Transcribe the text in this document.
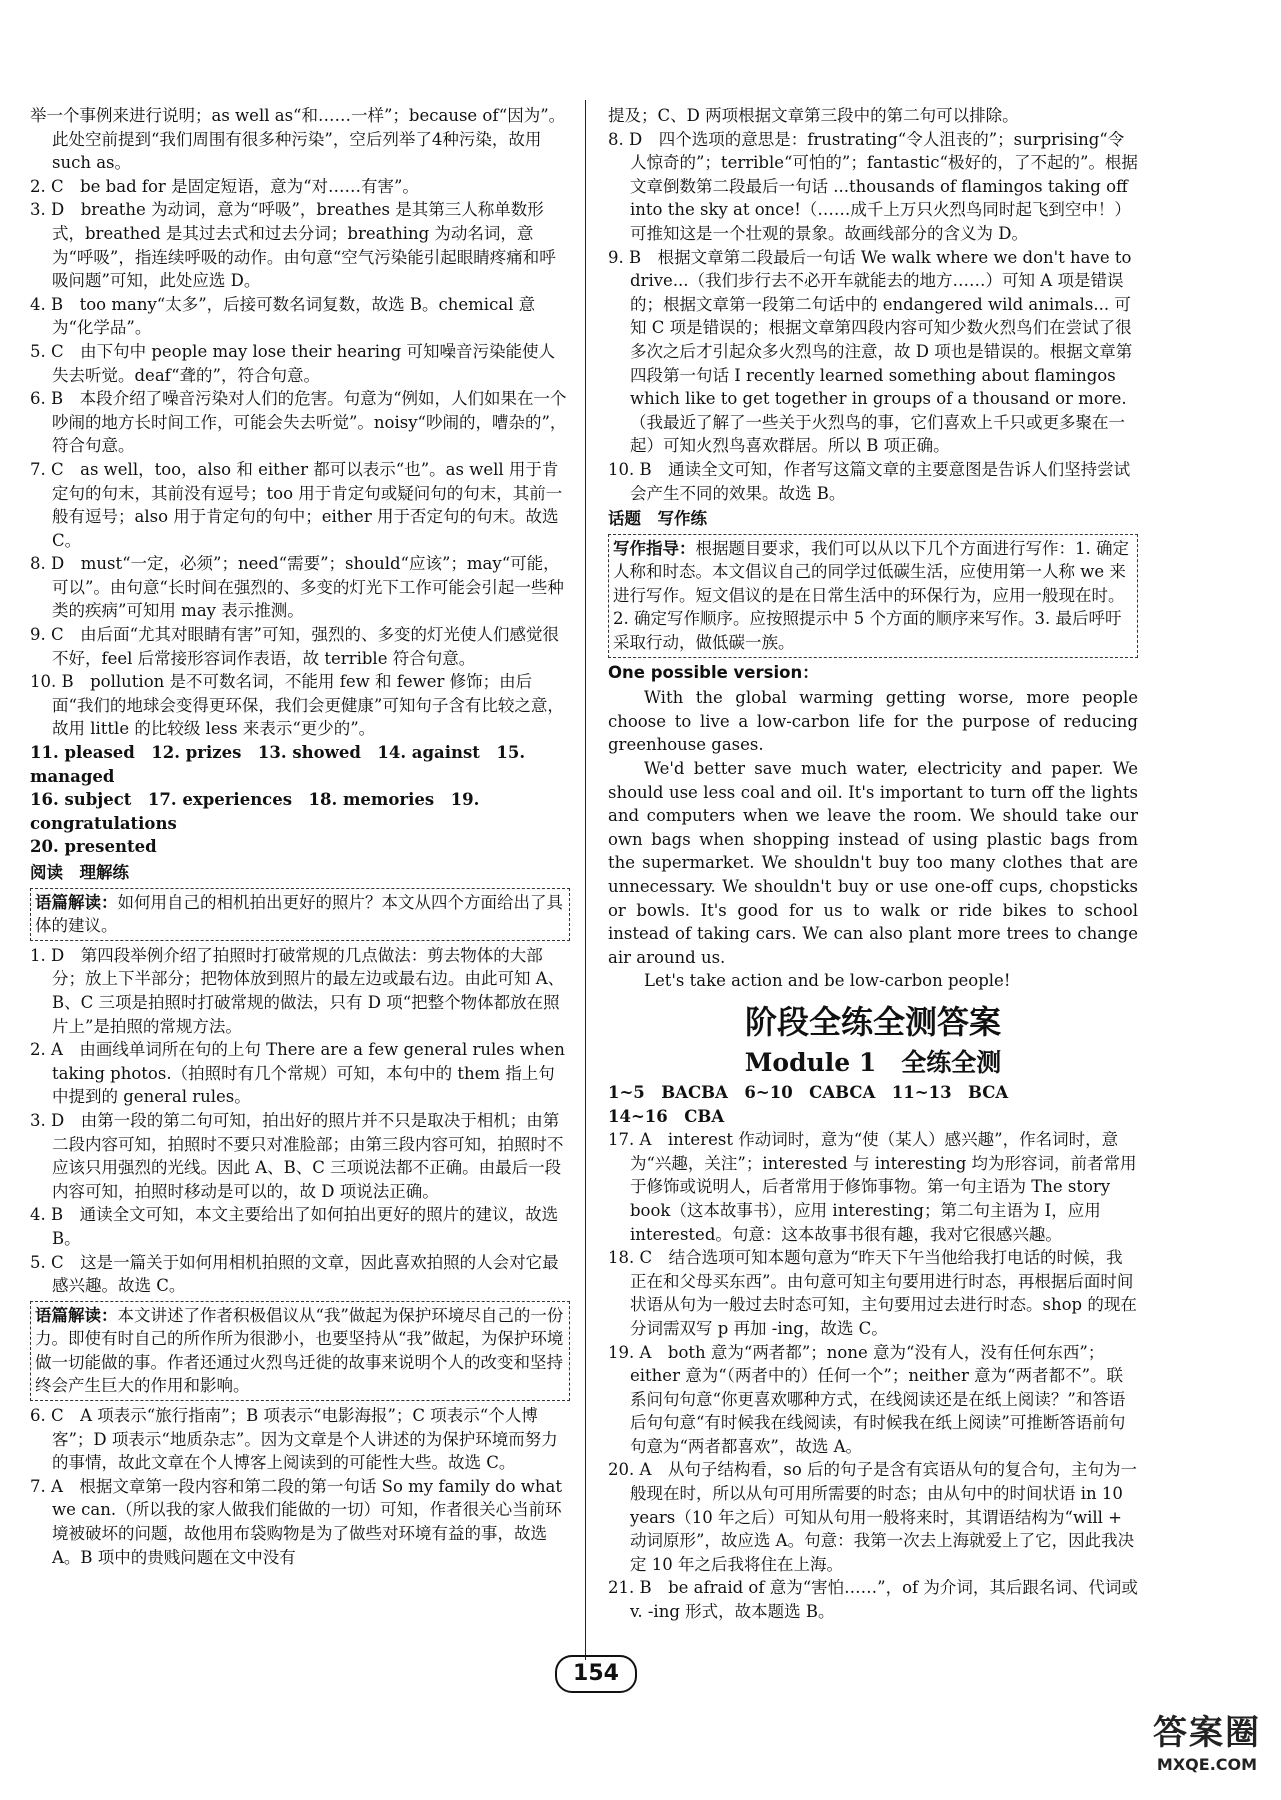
举一个事例来进行说明；as well as“和……一样”；because of“因为”。此处空前提到“我们周围有很多种污染”，空后列举了4种污染，故用 such as。

2. C　be bad for 是固定短语，意为“对……有害”。

3. D　breathe 为动词，意为“呼吸”，breathes 是其第三人称单数形式，breathed 是其过去式和过去分词；breathing 为动名词，意为“呼吸”，指连续呼吸的动作。由句意“空气污染能引起眼睛疼痛和呼吸问题”可知，此处应选 D。

4. B　too many“太多”，后接可数名词复数，故选 B。chemical 意为“化学品”。

5. C　由下句中 people may lose their hearing 可知噪音污染能使人失去听觉。deaf“聋的”，符合句意。

6. B　本段介绍了噪音污染对人们的危害。句意为“例如，人们如果在一个吵闹的地方长时间工作，可能会失去听觉”。noisy“吵闹的，嘈杂的”，符合句意。

7. C　as well，too，also 和 either 都可以表示“也”。as well 用于肯定句的句末，其前没有逗号；too 用于肯定句或疑问句的句末，其前一般有逗号；also 用于肯定句的句中；either 用于否定句的句末。故选 C。

8. D　must“一定，必须”；need“需要”；should“应该”；may“可能，可以”。由句意“长时间在强烈的、多变的灯光下工作可能会引起一些种类的疾病”可知用 may 表示推测。

9. C　由后面“尤其对眼睛有害”可知，强烈的、多变的灯光使人们感觉很不好，feel 后常接形容词作表语，故 terrible 符合句意。

10. B　pollution 是不可数名词，不能用 few 和 fewer 修饰；由后面“我们的地球会变得更环保，我们会更健康”可知句子含有比较之意，故用 little 的比较级 less 来表示“更少的”。

11. pleased　12. prizes　13. showed　14. against　15. managed

16. subject　17. experiences　18. memories　19. congratulations

20. presented

阅读　理解练

语篇解读：如何用自己的相机拍出更好的照片？本文从四个方面给出了具体的建议。

1. D　第四段举例介绍了拍照时打破常规的几点做法：剪去物体的大部分；放上下半部分；把物体放到照片的最左边或最右边。由此可知 A、B、C 三项是拍照时打破常规的做法，只有 D 项“把整个物体都放在照片上”是拍照的常规方法。

2. A　由画线单词所在句的上句 There are a few general rules when taking photos.（拍照时有几个常规）可知，本句中的 them 指上句中提到的 general rules。

3. D　由第一段的第二句可知，拍出好的照片并不只是取决于相机；由第二段内容可知，拍照时不要只对准脸部；由第三段内容可知，拍照时不应该只用强烈的光线。因此 A、B、C 三项说法都不正确。由最后一段内容可知，拍照时移动是可以的，故 D 项说法正确。

4. B　通读全文可知，本文主要给出了如何拍出更好的照片的建议，故选 B。

5. C　这是一篇关于如何用相机拍照的文章，因此喜欢拍照的人会对它最感兴趣。故选 C。

语篇解读：本文讲述了作者积极倡议从“我”做起为保护环境尽自己的一份力。即使有时自己的所作所为很渺小，也要坚持从“我”做起，为保护环境做一切能做的事。作者还通过火烈鸟迁徙的故事来说明个人的改变和坚持终会产生巨大的作用和影响。

6. C　A 项表示“旅行指南”；B 项表示“电影海报”；C 项表示“个人博客”；D 项表示“地质杂志”。因为文章是个人讲述的为保护环境而努力的事情，故此文章在个人博客上阅读到的可能性大些。故选 C。

7. A　根据文章第一段内容和第二段的第一句话 So my family do what we can.（所以我的家人做我们能做的一切）可知，作者很关心当前环境被破坏的问题，故他用布袋购物是为了做些对环境有益的事，故选 A。B 项中的贵贱问题在文中没有

提及；C、D 两项根据文章第三段中的第二句可以排除。

8. D　四个选项的意思是：frustrating“令人沮丧的”；surprising“令人惊奇的”；terrible“可怕的”；fantastic“极好的，了不起的”。根据文章倒数第二段最后一句话 ...thousands of flamingos taking off into the sky at once!（……成千上万只火烈鸟同时起飞到空中！）可推知这是一个壮观的景象。故画线部分的含义为 D。

9. B　根据文章第二段最后一句话 We walk where we don't have to drive...（我们步行去不必开车就能去的地方……）可知 A 项是错误的；根据文章第一段第二句话中的 endangered wild animals... 可知 C 项是错误的；根据文章第四段内容可知少数火烈鸟们在尝试了很多次之后才引起众多火烈鸟的注意，故 D 项也是错误的。根据文章第四段第一句话 I recently learned something about flamingos which like to get together in groups of a thousand or more.（我最近了解了一些关于火烈鸟的事，它们喜欢上千只或更多聚在一起）可知火烈鸟喜欢群居。所以 B 项正确。

10. B　通读全文可知，作者写这篇文章的主要意图是告诉人们坚持尝试会产生不同的效果。故选 B。

话题　写作练

写作指导：根据题目要求，我们可以从以下几个方面进行写作：1. 确定人称和时态。本文倡议自己的同学过低碳生活，应使用第一人称 we 来进行写作。短文倡议的是在日常生活中的环保行为，应用一般现在时。2. 确定写作顺序。应按照提示中 5 个方面的顺序来写作。3. 最后呼吁采取行动，做低碳一族。

One possible version：

With the global warming getting worse, more people choose to live a low-carbon life for the purpose of reducing greenhouse gases.

We'd better save much water, electricity and paper. We should use less coal and oil. It's important to turn off the lights and computers when we leave the room. We should take our own bags when shopping instead of using plastic bags from the supermarket. We shouldn't buy too many clothes that are unnecessary. We shouldn't buy or use one-off cups, chopsticks or bowls. It's good for us to walk or ride bikes to school instead of taking cars. We can also plant more trees to change air around us.

Let's take action and be low-carbon people!

阶段全练全测答案

Module 1　全练全测

1~5　BACBA　6~10　CABCA　11~13　BCA

14~16　CBA

17. A　interest 作动词时，意为“使（某人）感兴趣”，作名词时，意为“兴趣，关注”；interested 与 interesting 均为形容词，前者常用于修饰或说明人，后者常用于修饰事物。第一句主语为 The story book（这本故事书），应用 interesting；第二句主语为 I，应用 interested。句意：这本故事书很有趣，我对它很感兴趣。

18. C　结合选项可知本题句意为“昨天下午当他给我打电话的时候，我正在和父母买东西”。由句意可知主句要用进行时态，再根据后面时间状语从句为一般过去时态可知，主句要用过去进行时态。shop 的现在分词需双写 p 再加 -ing，故选 C。

19. A　both 意为“两者都”；none 意为“没有人，没有任何东西”；either 意为“（两者中的）任何一个”；neither 意为“两者都不”。联系问句句意“你更喜欢哪种方式，在线阅读还是在纸上阅读？”和答语后句句意“有时候我在线阅读，有时候我在纸上阅读”可推断答语前句句意为“两者都喜欢”，故选 A。

20. A　从句子结构看，so 后的句子是含有宾语从句的复合句，主句为一般现在时，所以从句可用所需要的时态；由从句中的时间状语 in 10 years（10 年之后）可知从句用一般将来时，其谓语结构为“will + 动词原形”，故应选 A。句意：我第一次去上海就爱上了它，因此我决定 10 年之后我将住在上海。

21. B　be afraid of 意为“害怕……”，of 为介词，其后跟名词、代词或 v. -ing 形式，故本题选 B。

154
答案圈
MXQE.COM
